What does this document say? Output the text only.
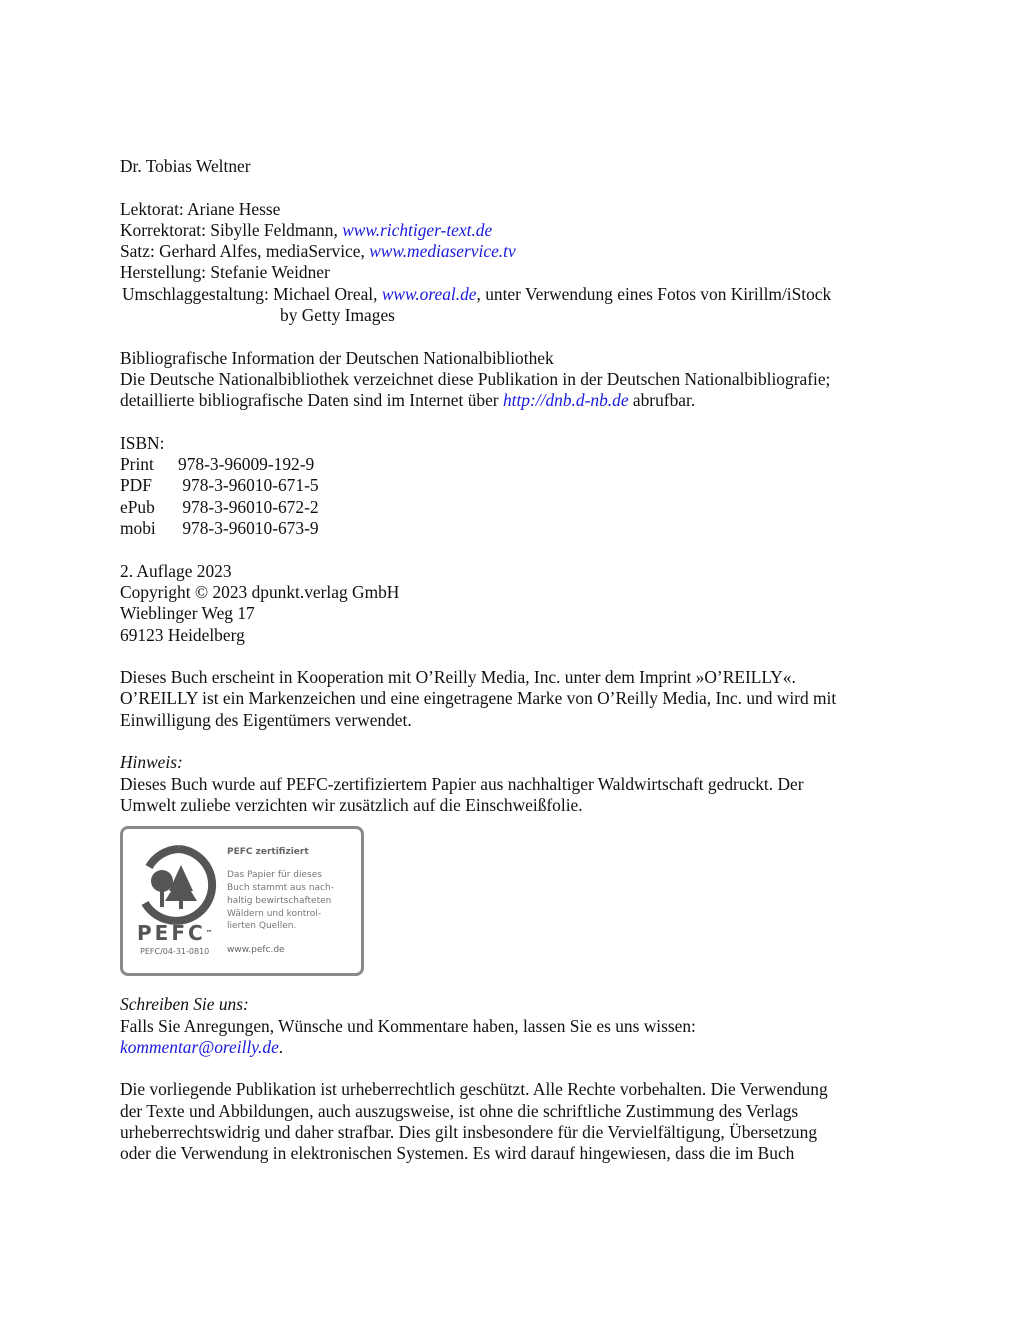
Dr. Tobias Weltner
Lektorat: Ariane Hesse
Korrektorat: Sibylle Feldmann, www.richtiger-text.de
Satz: Gerhard Alfes, mediaService, www.mediaservice.tv
Herstellung: Stefanie Weidner
Umschlaggestaltung: Michael Oreal, www.oreal.de, unter Verwendung eines Fotos von Kirillm/iStock
by Getty Images
Bibliografische Information der Deutschen Nationalbibliothek
Die Deutsche Nationalbibliothek verzeichnet diese Publikation in der Deutschen Nationalbibliografie;
detaillierte bibliografische Daten sind im Internet über http://dnb.d-nb.de abrufbar.
ISBN:
Print	978-3-96009-192-9
PDF	978-3-96010-671-5
ePub	978-3-96010-672-2
mobi	978-3-96010-673-9
2. Auflage 2023
Copyright © 2023 dpunkt.verlag GmbH
Wieblinger Weg 17
69123 Heidelberg
Dieses Buch erscheint in Kooperation mit O’Reilly Media, Inc. unter dem Imprint »O’REILLY«.
O’REILLY ist ein Markenzeichen und eine eingetragene Marke von O’Reilly Media, Inc. und wird mit
Einwilligung des Eigentümers verwendet.
Hinweis:
Dieses Buch wurde auf PEFC-zertifiziertem Papier aus nachhaltiger Waldwirtschaft gedruckt. Der
Umwelt zuliebe verzichten wir zusätzlich auf die Einschweißfolie.
PEFC™
PEFC/04-31-0810
PEFC zertifiziert
Das Papier für dieses
Buch stammt aus nach-
haltig bewirtschafteten
Wäldern und kontrol-
lierten Quellen.
www.pefc.de
Schreiben Sie uns:
Falls Sie Anregungen, Wünsche und Kommentare haben, lassen Sie es uns wissen:
kommentar@oreilly.de.
Die vorliegende Publikation ist urheberrechtlich geschützt. Alle Rechte vorbehalten. Die Verwendung
der Texte und Abbildungen, auch auszugsweise, ist ohne die schriftliche Zustimmung des Verlags
urheberrechtswidrig und daher strafbar. Dies gilt insbesondere für die Vervielfältigung, Übersetzung
oder die Verwendung in elektronischen Systemen. Es wird darauf hingewiesen, dass die im Buch
